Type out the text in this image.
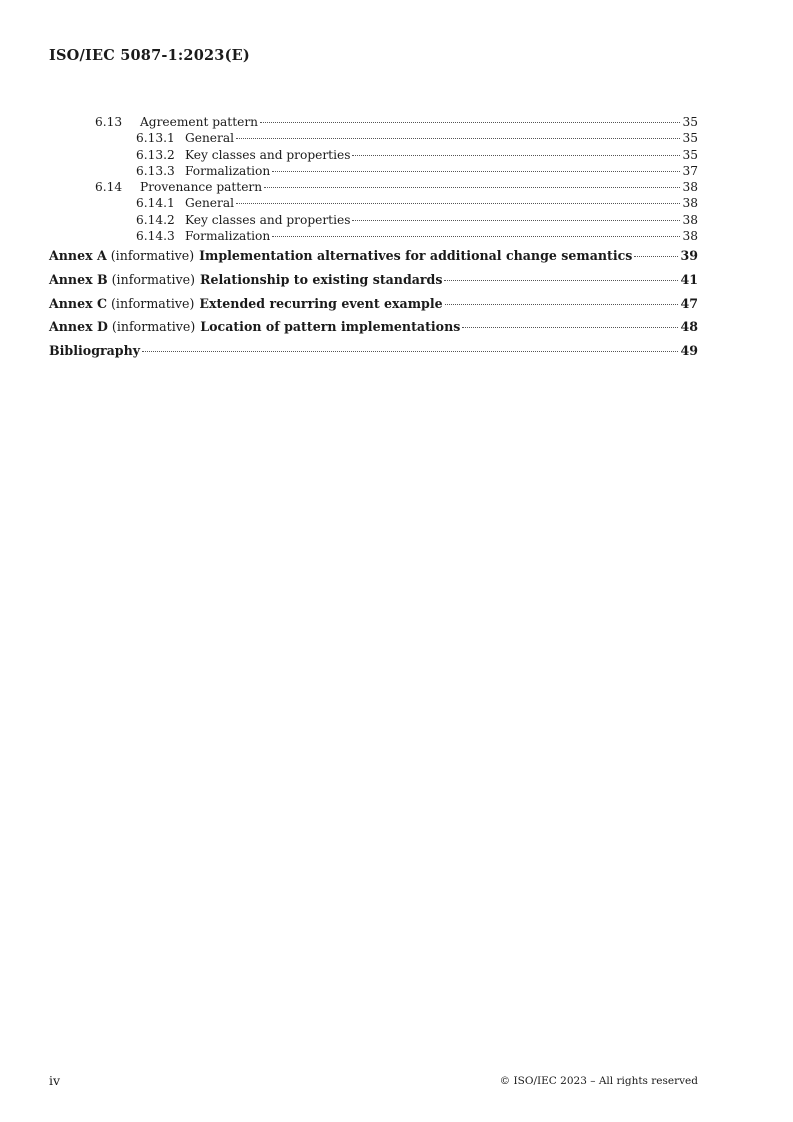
ISO/IEC 5087-1:2023(E)
6.13	Agreement pattern	35
6.13.1 General	35
6.13.2 Key classes and properties	35
6.13.3 Formalization	37
6.14	Provenance pattern	38
6.14.1 General	38
6.14.2 Key classes and properties	38
6.14.3 Formalization	38
Annex A (informative) Implementation alternatives for additional change semantics	39
Annex B (informative) Relationship to existing standards	41
Annex C (informative) Extended recurring event example	47
Annex D (informative) Location of pattern implementations	48
Bibliography	49
iv	© ISO/IEC 2023 – All rights reserved
